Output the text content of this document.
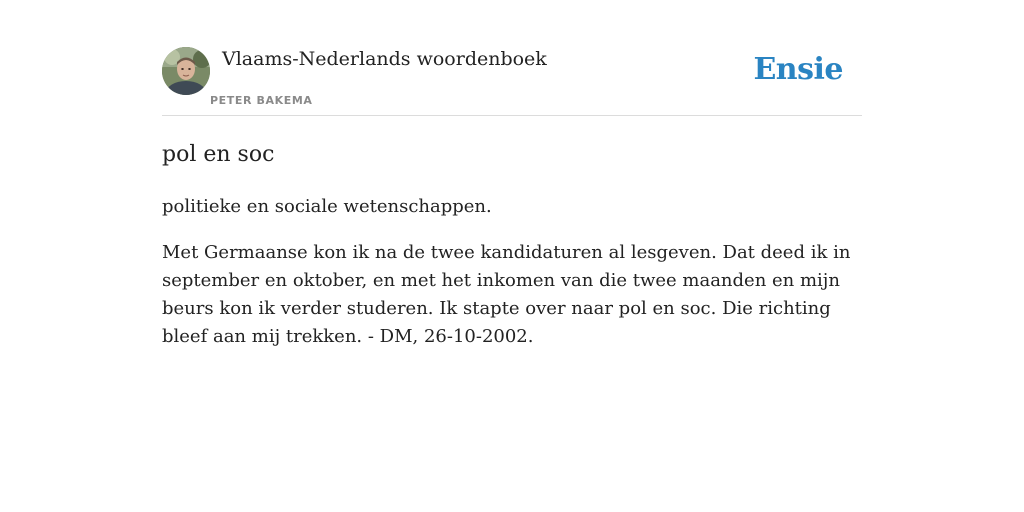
Vlaams-Nederlands woordenboek
PETER BAKEMA
Ensie
pol en soc

politieke en sociale wetenschappen.

Met Germaanse kon ik na de twee kandidaturen al lesgeven. Dat deed ik in september en oktober, en met het inkomen van die twee maanden en mijn beurs kon ik verder studeren. Ik stapte over naar pol en soc. Die richting bleef aan mij trekken. - DM, 26-10-2002.
